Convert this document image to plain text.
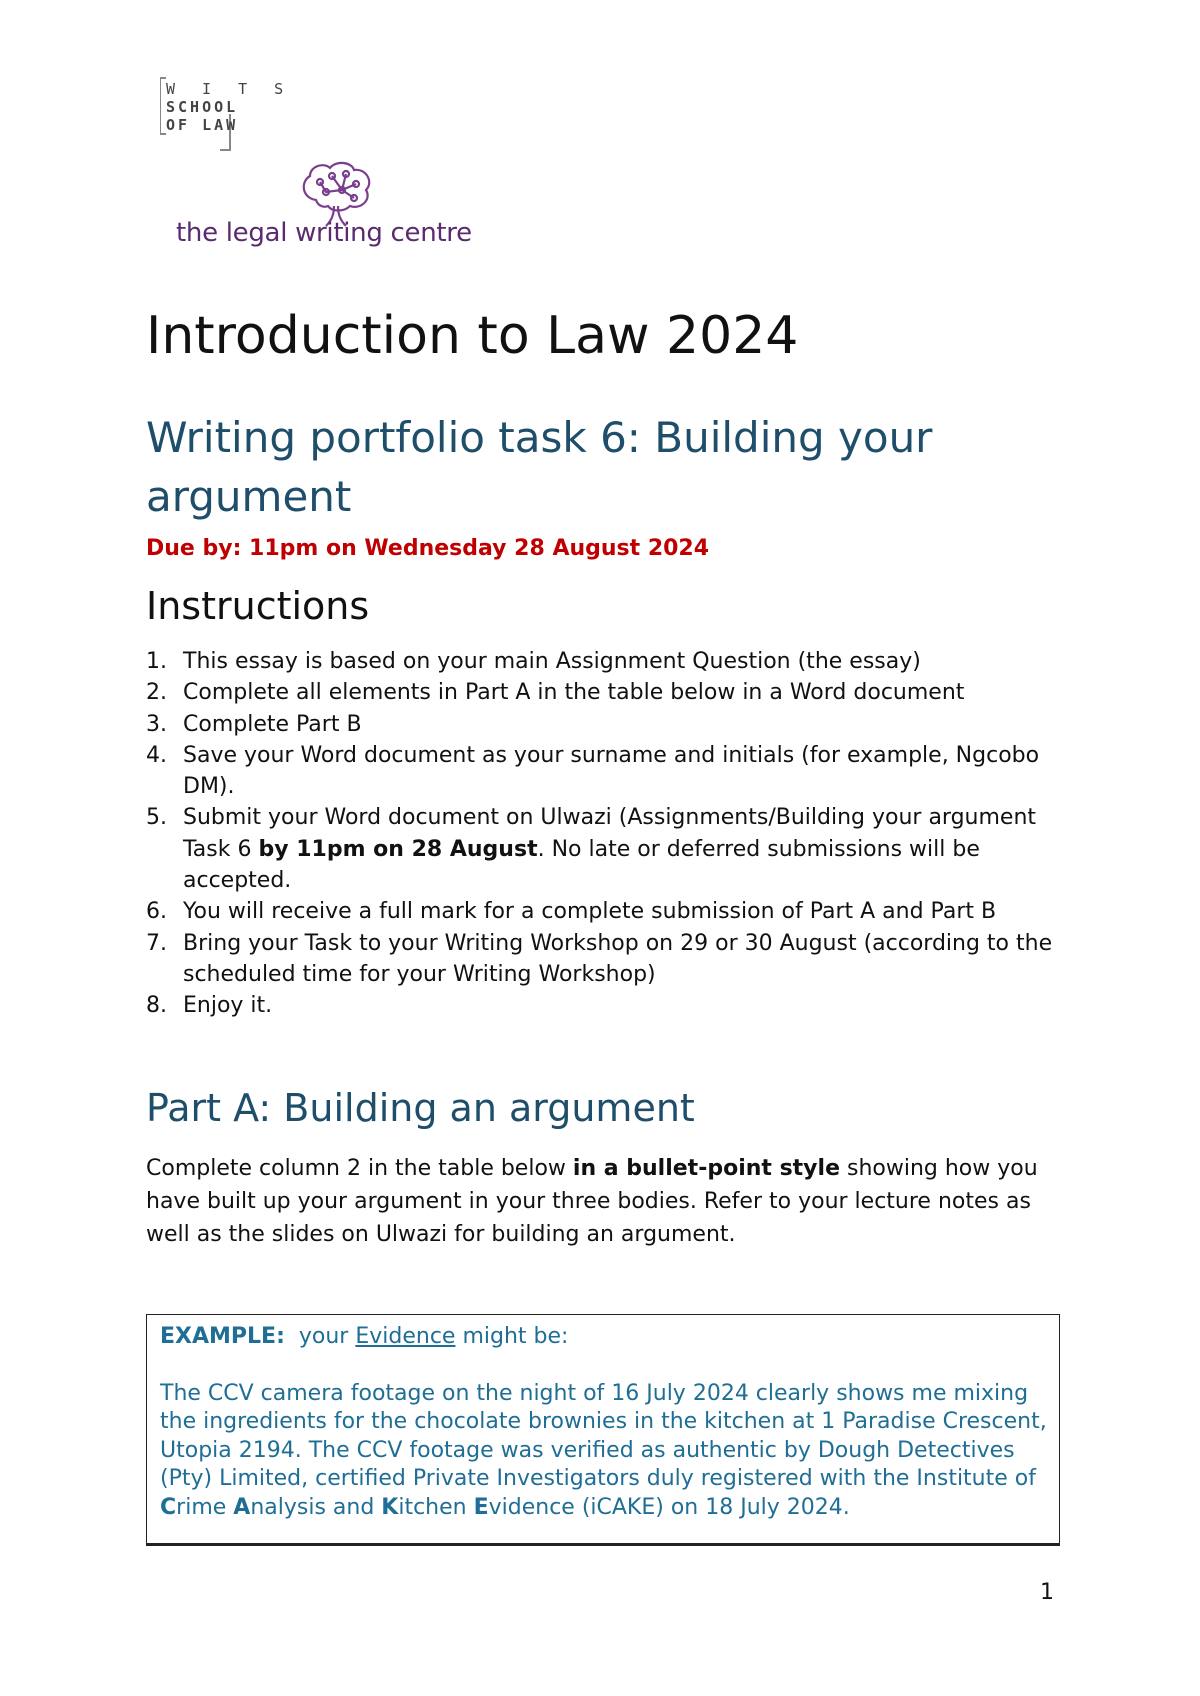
W I T S
SCHOOL
OF LAW
the legal writing centre
Introduction to Law 2024
Writing portfolio task 6: Building your argument

Due by: 11pm on Wednesday 28 August 2024

Instructions
1. This essay is based on your main Assignment Question (the essay)
2. Complete all elements in Part A in the table below in a Word document
3. Complete Part B
4. Save your Word document as your surname and initials (for example, Ngcobo DM).
5. Submit your Word document on Ulwazi (Assignments/Building your argument Task 6 by 11pm on 28 August. No late or deferred submissions will be accepted.
6. You will receive a full mark for a complete submission of Part A and Part B
7. Bring your Task to your Writing Workshop on 29 or 30 August (according to the scheduled time for your Writing Workshop)
8. Enjoy it.
Part A: Building an argument

Complete column 2 in the table below in a bullet-point style showing how you have built up your argument in your three bodies. Refer to your lecture notes as well as the slides on Ulwazi for building an argument.

EXAMPLE:  your Evidence might be:

The CCV camera footage on the night of 16 July 2024 clearly shows me mixing the ingredients for the chocolate brownies in the kitchen at 1 Paradise Crescent, Utopia 2194. The CCV footage was verified as authentic by Dough Detectives (Pty) Limited, certified Private Investigators duly registered with the Institute of Crime Analysis and Kitchen Evidence (iCAKE) on 18 July 2024.

1
